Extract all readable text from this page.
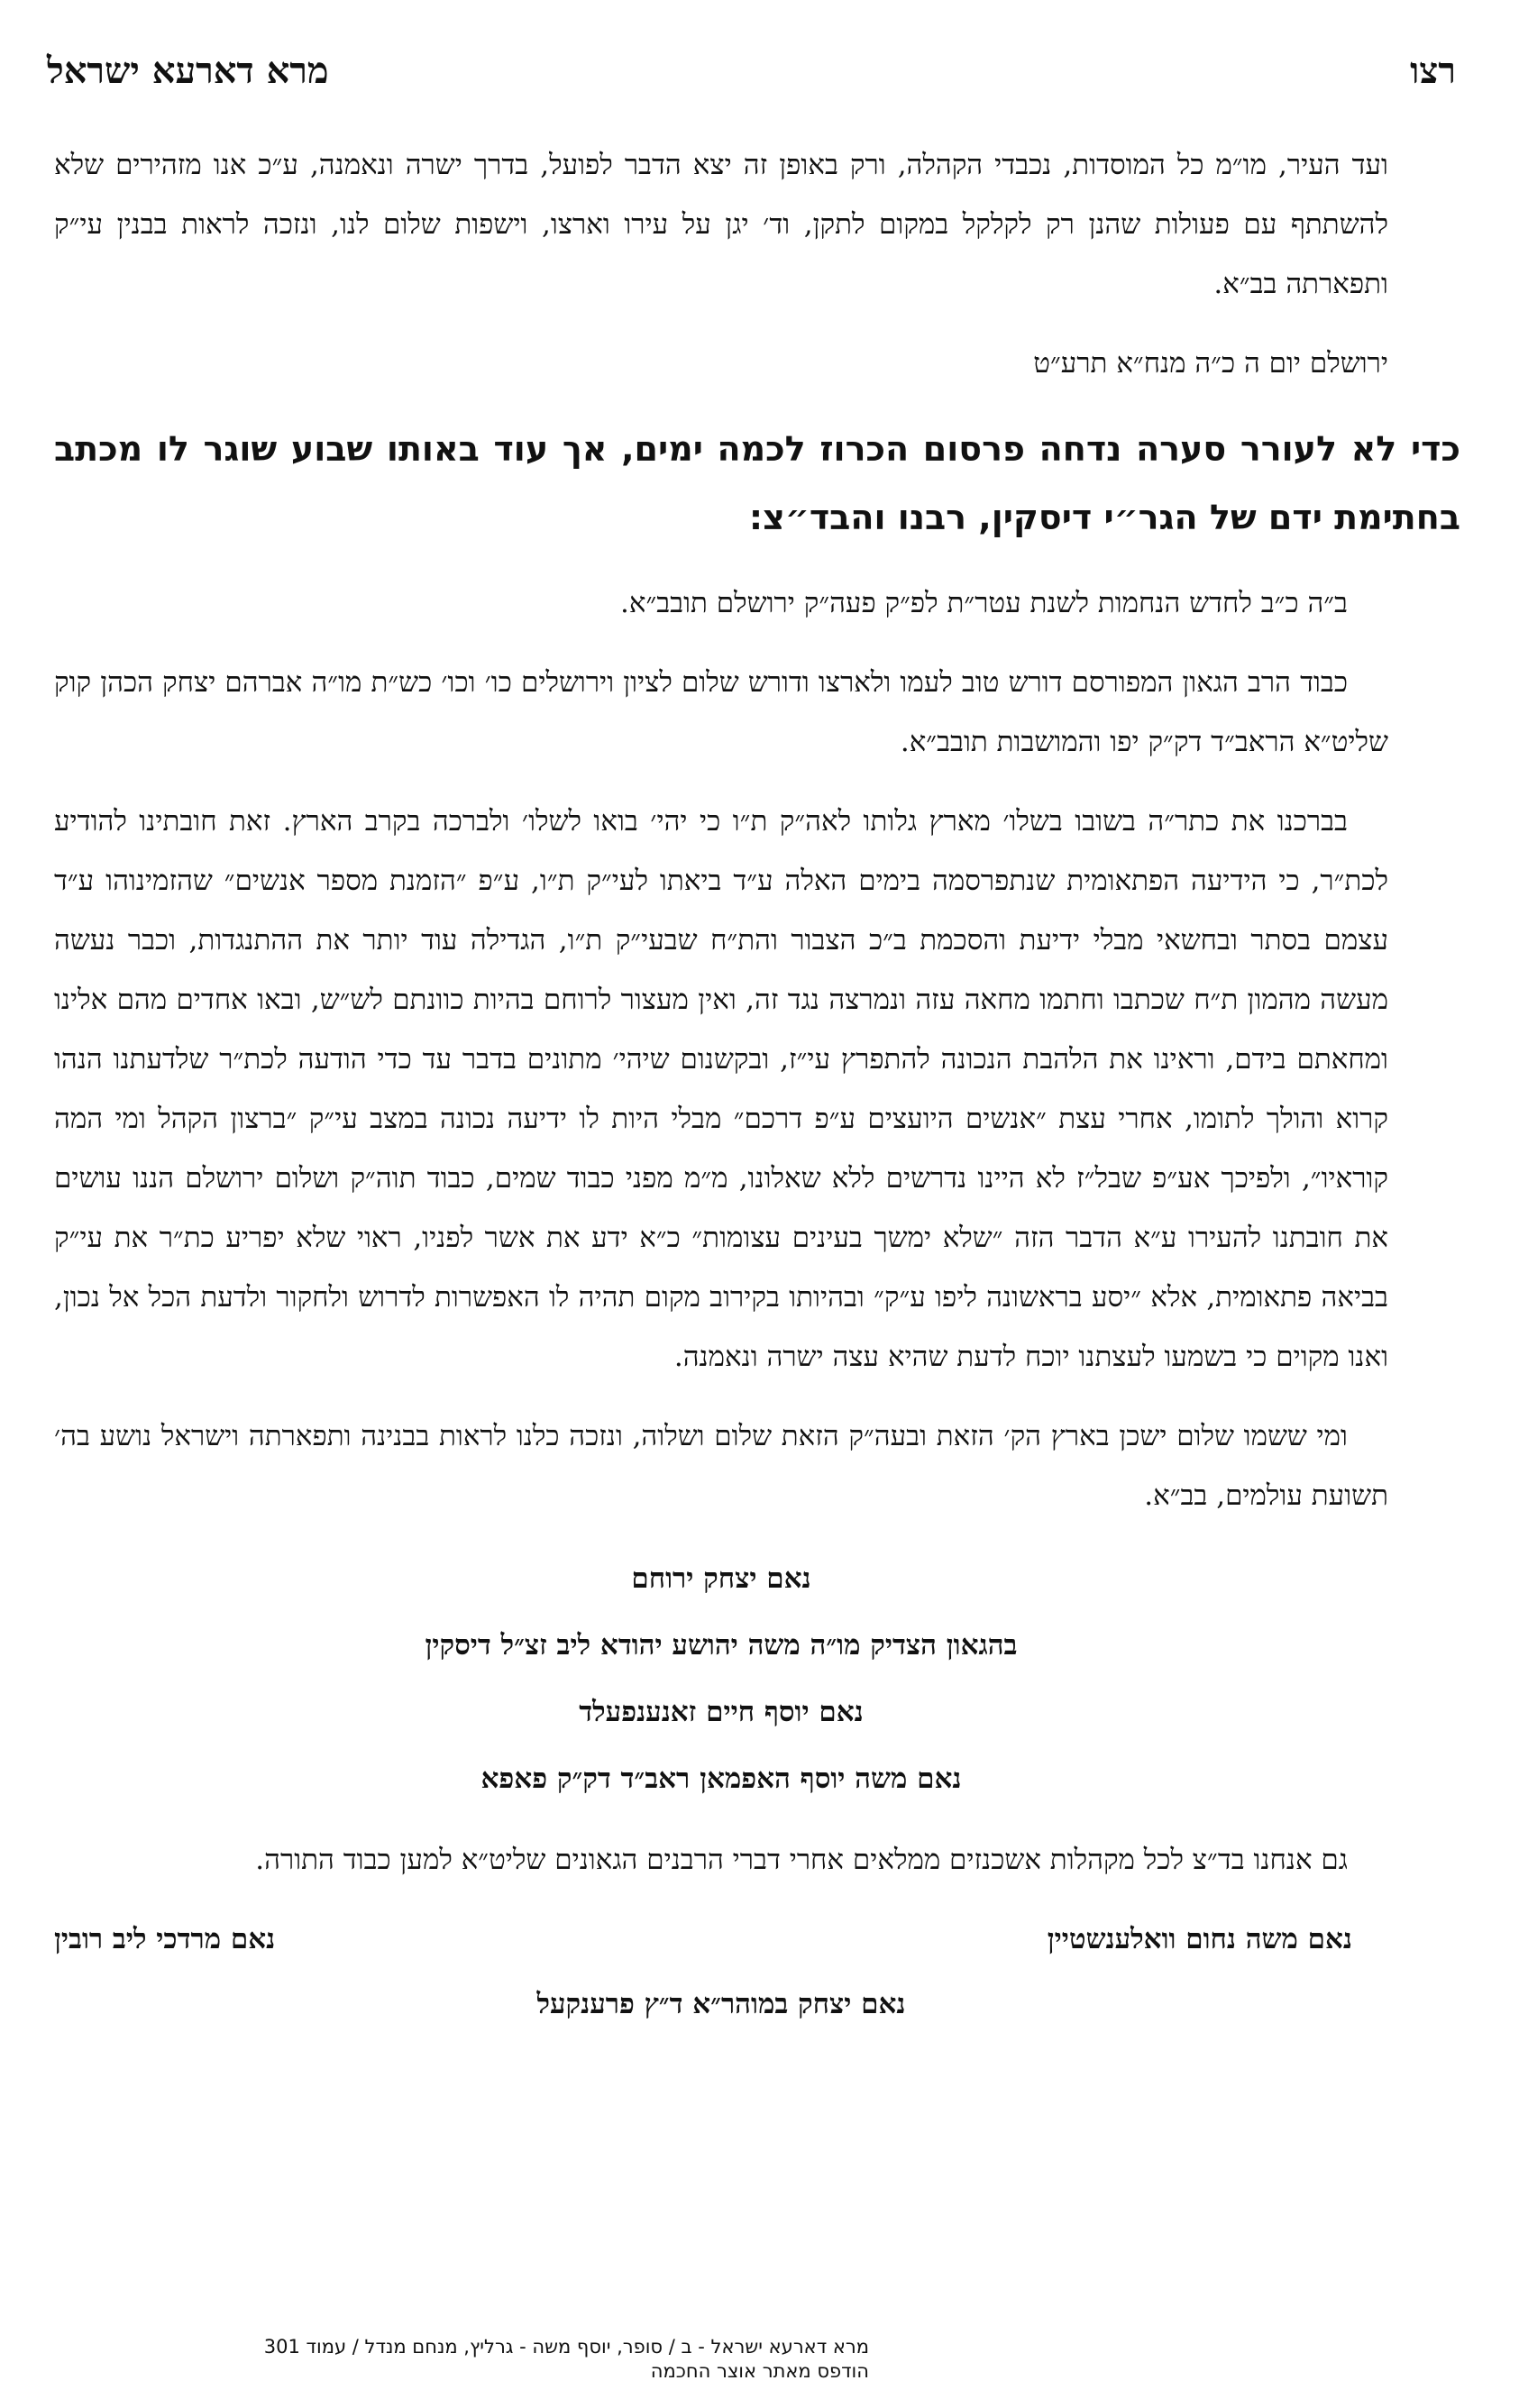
רצו
מרא דארעא ישראל

ועד העיר, מו״מ כל המוסדות, נכבדי הקהלה, ורק באופן זה יצא הדבר לפועל, בדרך ישרה ונאמנה, ע״כ אנו מזהירים שלא להשתתף עם פעולות שהנן רק לקלקל במקום לתקן, וד׳ יגן על עירו וארצו, וישפות שלום לנו, ונזכה לראות בבנין עי״ק ותפארתה בב״א.

ירושלם יום ה כ״ה מנח״א תרע״ט

כדי לא לעורר סערה נדחה פרסום הכרוז לכמה ימים, אך עוד באותו שבוע שוגר לו מכתב בחתימת ידם של הגר״י דיסקין, רבנו והבד״צ:

ב״ה כ״ב לחדש הנחמות לשנת עטר״ת לפ״ק פעה״ק ירושלם תובב״א.

כבוד הרב הגאון המפורסם דורש טוב לעמו ולארצו ודורש שלום לציון וירושלים כו׳ וכו׳ כש״ת מו״ה אברהם יצחק הכהן קוק שליט״א הראב״ד דק״ק יפו והמושבות תובב״א.

בברכנו את כתר״ה בשובו בשלו׳ מארץ גלותו לאה״ק ת״ו כי יהי׳ בואו לשלו׳ ולברכה בקרב הארץ. זאת חובתינו להודיע לכת״ר, כי הידיעה הפתאומית שנתפרסמה בימים האלה ע״ד ביאתו לעי״ק ת״ו, ע״פ ״הזמנת מספר אנשים״ שהזמינוהו ע״ד עצמם בסתר ובחשאי מבלי ידיעת והסכמת ב״כ הצבור והת״ח שבעי״ק ת״ו, הגדילה עוד יותר את ההתנגדות, וכבר נעשה מעשה מהמון ת״ח שכתבו וחתמו מחאה עזה ונמרצה נגד זה, ואין מעצור לרוחם בהיות כוונתם לש״ש, ובאו אחדים מהם אלינו ומחאתם בידם, וראינו את הלהבת הנכונה להתפרץ עי״ז, ובקשנום שיהי׳ מתונים בדבר עד כדי הודעה לכת״ר שלדעתנו הנהו קרוא והולך לתומו, אחרי עצת ״אנשים היועצים ע״פ דרכם״ מבלי היות לו ידיעה נכונה במצב עי״ק ״ברצון הקהל ומי המה קוראיו״, ולפיכך אע״פ שבל״ז לא היינו נדרשים ללא שאלונו, מ״מ מפני כבוד שמים, כבוד תוה״ק ושלום ירושלם הננו עושים את חובתנו להעירו ע״א הדבר הזה ״שלא ימשך בעינים עצומות״ כ״א ידע את אשר לפניו, ראוי שלא יפריע כת״ר את עי״ק בביאה פתאומית, אלא ״יסע בראשונה ליפו ע״ק״ ובהיותו בקירוב מקום תהיה לו האפשרות לדרוש ולחקור ולדעת הכל אל נכון, ואנו מקוים כי בשמעו לעצתנו יוכח לדעת שהיא עצה ישרה ונאמנה.

ומי ששמו שלום ישכן בארץ הק׳ הזאת ובעה״ק הזאת שלום ושלוה, ונזכה כלנו לראות בבנינה ותפארתה וישראל נושע בה׳ תשועת עולמים, בב״א.

נאם יצחק ירוחם
בהגאון הצדיק מו״ה משה יהושע יהודא ליב זצ״ל דיסקין
נאם יוסף חיים זאנענפעלד
נאם משה יוסף האפמאן ראב״ד דק״ק פאפא

גם אנחנו בד״צ לכל מקהלות אשכנזים ממלאים אחרי דברי הרבנים הגאונים שליט״א למען כבוד התורה.

נאם משה נחום וואלענשטיין
נאם מרדכי ליב רובין
נאם יצחק במוהר״א ד״ץ פרענקעל
מרא דארעא ישראל - ב / סופר, יוסף משה - גרליץ, מנחם מנדל / עמוד 301
הודפס מאתר אוצר החכמה
